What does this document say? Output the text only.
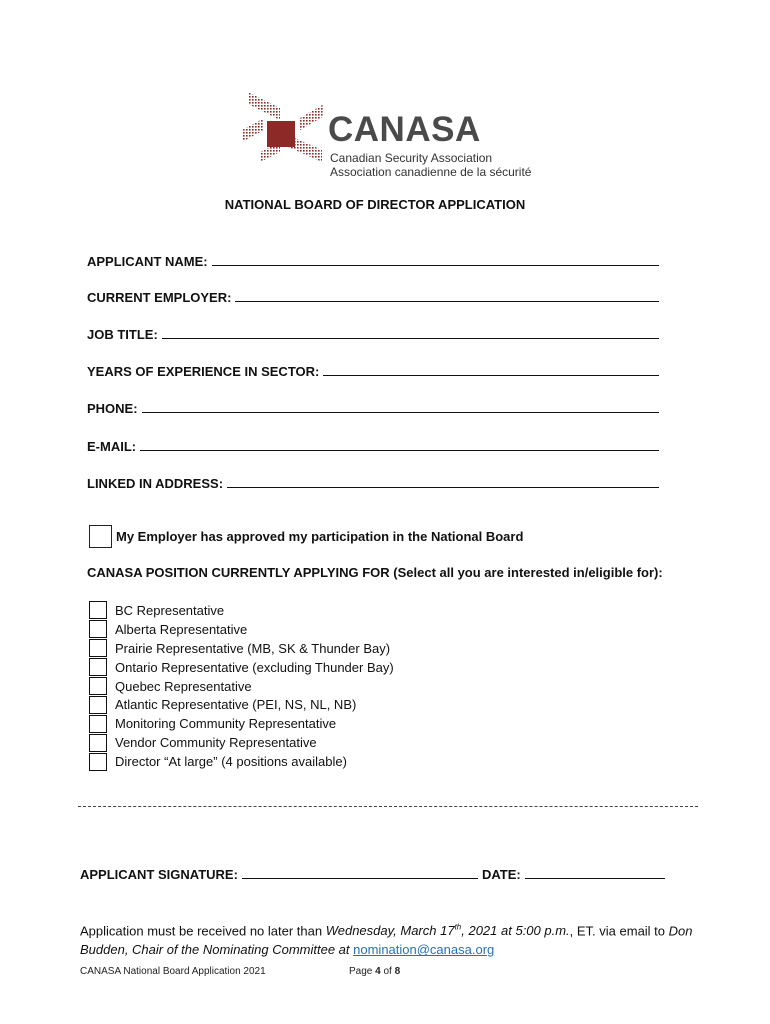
CANASA
Canadian Security Association
Association canadienne de la sécurité
NATIONAL BOARD OF DIRECTOR APPLICATION
APPLICANT NAME:
CURRENT EMPLOYER:
JOB TITLE:
YEARS OF EXPERIENCE IN SECTOR:
PHONE:
E-MAIL:
LINKED IN ADDRESS:
My Employer has approved my participation in the National Board
CANASA POSITION CURRENTLY APPLYING FOR (Select all you are interested in/eligible for):
BC Representative
Alberta Representative
Prairie Representative (MB, SK & Thunder Bay)
Ontario Representative (excluding Thunder Bay)
Quebec Representative
Atlantic Representative (PEI, NS, NL, NB)
Monitoring Community Representative
Vendor Community Representative
Director “At large” (4 positions available)
APPLICANT SIGNATURE:	DATE:
Application must be received no later than Wednesday, March 17th, 2021 at 5:00 p.m., ET. via email to Don Budden, Chair of the Nominating Committee at nomination@canasa.org
CANASA National Board Application 2021	Page 4 of 8
